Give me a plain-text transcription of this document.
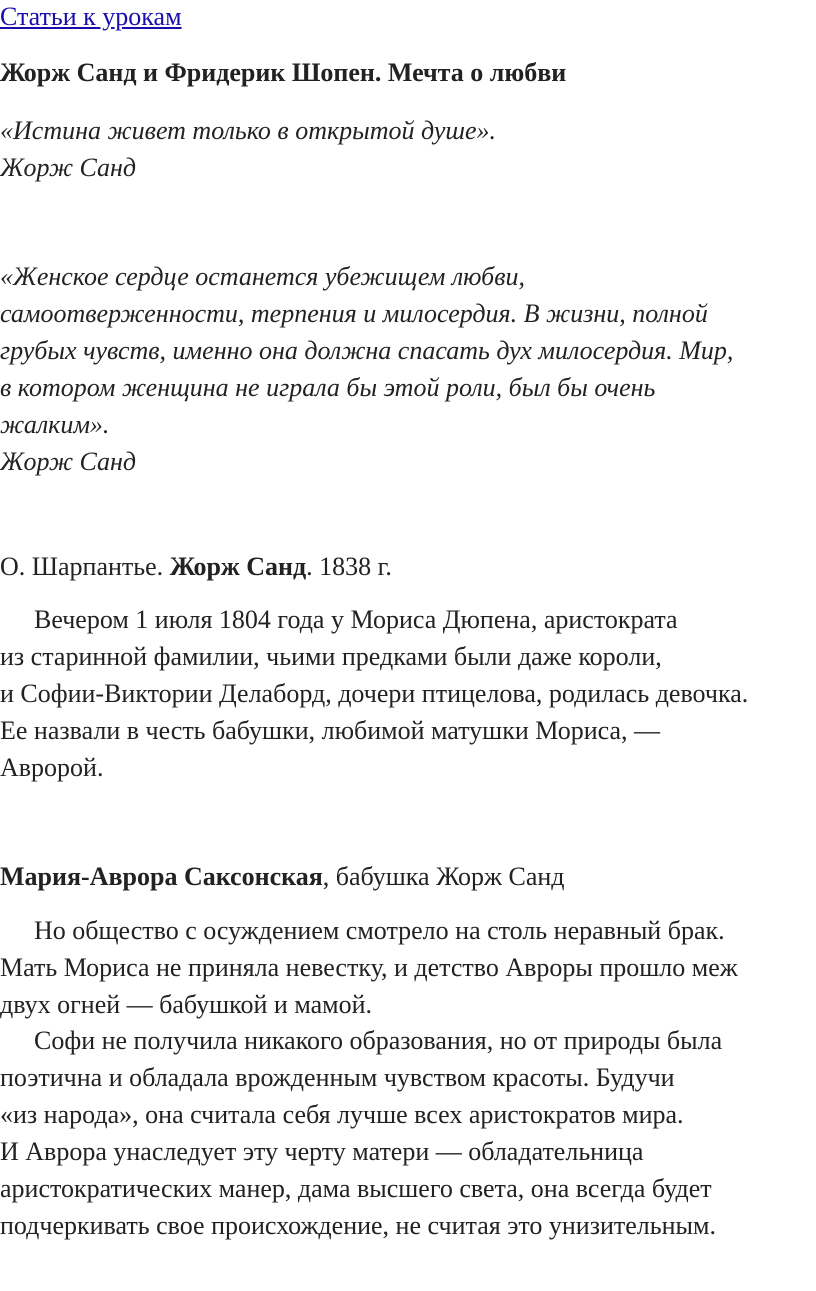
Статьи к урокам
Жорж Санд и Фридерик Шопен. Мечта о любви

«Истина живет только в открытой душе».
Жорж Санд

«Женское сердце останется убежищем любви,
самоотверженности, терпения и милосердия. В жизни, полной
грубых чувств, именно она должна спасать дух милосердия. Мир,
в котором женщина не играла бы этой роли, был бы очень
жалким».
Жорж Санд

О. Шарпантье. Жорж Санд. 1838 г.

Вечером 1 июля 1804 года у Мориса Дюпена, аристократа
из старинной фамилии, чьими предками были даже короли,
и Софии-Виктории Делаборд, дочери птицелова, родилась девочка.
Ее назвали в честь бабушки, любимой матушки Мориса, —
Авророй.

Мария-Аврора Саксонская, бабушка Жорж Санд

Но общество с осуждением смотрело на столь неравный брак.
Мать Мориса не приняла невестку, и детство Авроры прошло меж
двух огней — бабушкой и мамой.

Софи не получила никакого образования, но от природы была
поэтична и обладала врожденным чувством красоты. Будучи
«из народа», она считала себя лучше всех аристократов мира.
И Аврора унаследует эту черту матери — обладательница
аристократических манер, дама высшего света, она всегда будет
подчеркивать свое происхождение, не считая это унизительным.
